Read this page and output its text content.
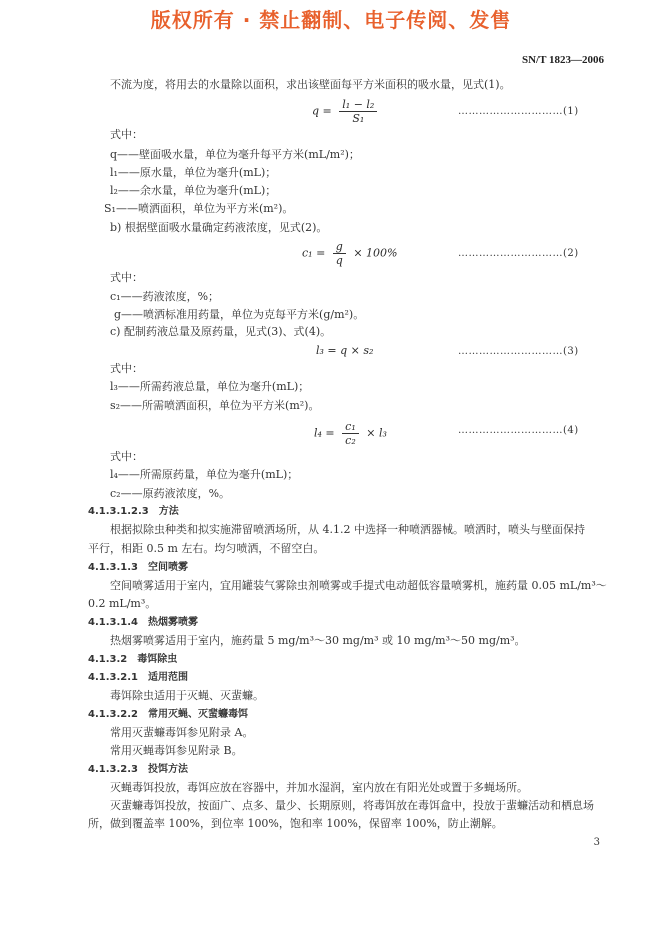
版权所有 · 禁止翻制、电子传阅、发售
SN/T 1823—2006
不流为度，将用去的水量除以面积，求出该壁面每平方米面积的吸水量，见式(1)。
$q = \frac{\text{l₁ − l₂}}{\text{S₁}}$	…………………………(1)
式中：
q——壁面吸水量，单位为毫升每平方米(mL/m²)；
l₁——原水量，单位为毫升(mL)；
l₂——余水量，单位为毫升(mL)；
S₁——喷洒面积，单位为平方米(m²)。
b) 根据壁面吸水量确定药液浓度，见式(2)。
$c_1 = \frac{g}{q} \times 100\%$	…………………………(2)
式中：
c₁——药液浓度，%；
g——喷洒标准用药量，单位为克每平方米(g/m²)。
c) 配制药液总量及原药量，见式(3)、式(4)。
l₃ = q × s₂	…………………………(3)
式中：
l₃——所需药液总量，单位为毫升(mL)；
s₂——所需喷洒面积，单位为平方米(m²)。
$l_4 = \frac{\text{c₁}}{\text{c₂}} \times l_3$	…………………………(4)
式中：
l₄——所需原药量，单位为毫升(mL)；
c₂——原药液浓度，%。
4.1.3.1.2.3 方法
根据拟除虫种类和拟实施滞留喷洒场所，从 4.1.2 中选择一种喷洒器械。喷洒时，喷头与壁面保持
平行，相距 0.5 m 左右。均匀喷洒，不留空白。
4.1.3.1.3 空间喷雾
空间喷雾适用于室内，宜用罐装气雾除虫剂喷雾或手提式电动超低容量喷雾机，施药量 0.05 mL/m³～
0.2 mL/m³。
4.1.3.1.4 热烟雾喷雾
热烟雾喷雾适用于室内，施药量 5 mg/m³～30 mg/m³ 或 10 mg/m³～50 mg/m³。
4.1.3.2 毒饵除虫
4.1.3.2.1 适用范围
毒饵除虫适用于灭蝇、灭蜚蠊。
4.1.3.2.2 常用灭蝇、灭蜚蠊毒饵
常用灭蜚蠊毒饵参见附录 A。
常用灭蝇毒饵参见附录 B。
4.1.3.2.3 投饵方法
灭蝇毒饵投放，毒饵应放在容器中，并加水湿润，室内放在有阳光处或置于多蝇场所。
灭蜚蠊毒饵投放，按面广、点多、量少、长期原则，将毒饵放在毒饵盒中，投放于蜚蠊活动和栖息场
所，做到覆盖率 100%，到位率 100%，饱和率 100%，保留率 100%，防止潮解。
3
